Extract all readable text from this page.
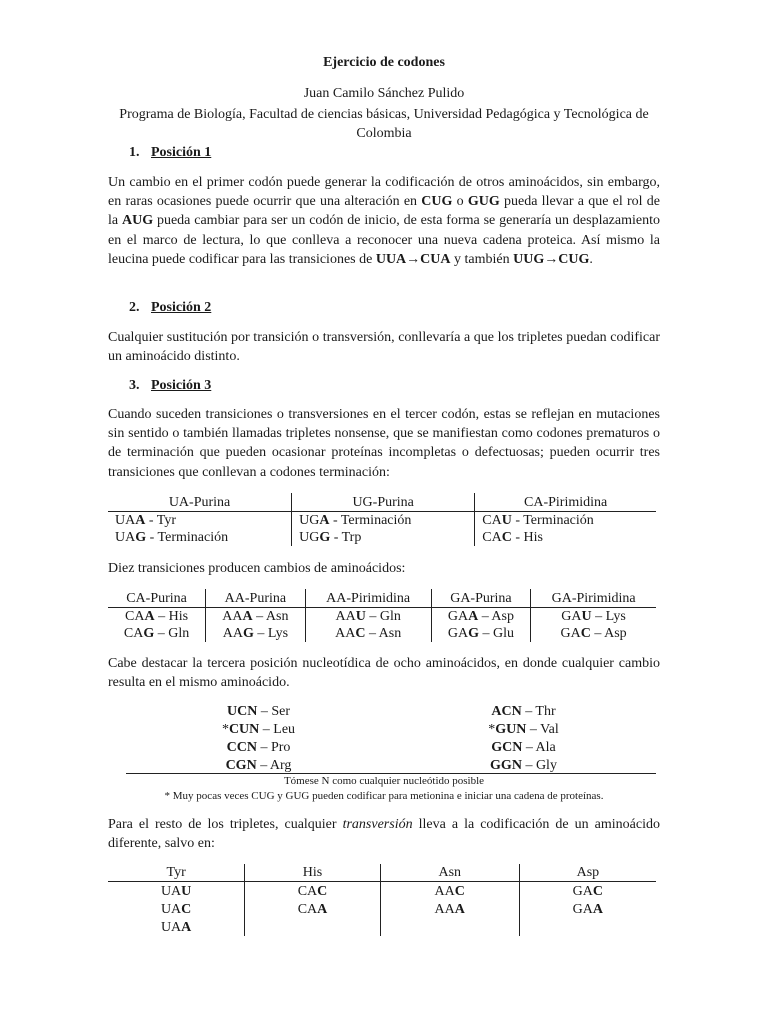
Ejercicio de codones
Juan Camilo Sánchez Pulido
Programa de Biología, Facultad de ciencias básicas, Universidad Pedagógica y Tecnológica de Colombia
1. Posición 1
Un cambio en el primer codón puede generar la codificación de otros aminoácidos, sin embargo, en raras ocasiones puede ocurrir que una alteración en CUG o GUG pueda llevar a que el rol de la AUG pueda cambiar para ser un codón de inicio, de esta forma se generaría un desplazamiento en el marco de lectura, lo que conlleva a reconocer una nueva cadena proteica. Así mismo la leucina puede codificar para las transiciones de UUA→CUA y también UUG→CUG.
2. Posición 2
Cualquier sustitución por transición o transversión, conllevaría a que los tripletes puedan codificar un aminoácido distinto.
3. Posición 3
Cuando suceden transiciones o transversiones en el tercer codón, estas se reflejan en mutaciones sin sentido o también llamadas tripletes nonsense, que se manifiestan como codones prematuros o de terminación que pueden ocasionar proteínas incompletas o defectuosas; pueden ocurrir tres transiciones que conllevan a codones terminación:
UA-Purina	UG-Purina	CA-Pirimidina
UAA - Tyr	UGA - Terminación	CAU - Terminación
UAG - Terminación	UGG - Trp	CAC - His
Diez transiciones producen cambios de aminoácidos:
CA-Purina	AA-Purina	AA-Pirimidina	GA-Purina	GA-Pirimidina
CAA – His	AAA – Asn	AAU – Gln	GAA – Asp	GAU – Lys
CAG – Gln	AAG – Lys	AAC – Asn	GAG – Glu	GAC – Asp
Cabe destacar la tercera posición nucleotídica de ocho aminoácidos, en donde cualquier cambio resulta en el mismo aminoácido.
UCN – Ser	ACN – Thr
*CUN – Leu	*GUN – Val
CCN – Pro	GCN – Ala
CGN – Arg	GGN – Gly
Tómese N como cualquier nucleótido posible
* Muy pocas veces CUG y GUG pueden codificar para metionina e iniciar una cadena de proteínas.
Para el resto de los tripletes, cualquier transversión lleva a la codificación de un aminoácido diferente, salvo en:
Tyr	His	Asn	Asp
UAU	CAC	AAC	GAC
UAC	CAA	AAA	GAA
UAA			
